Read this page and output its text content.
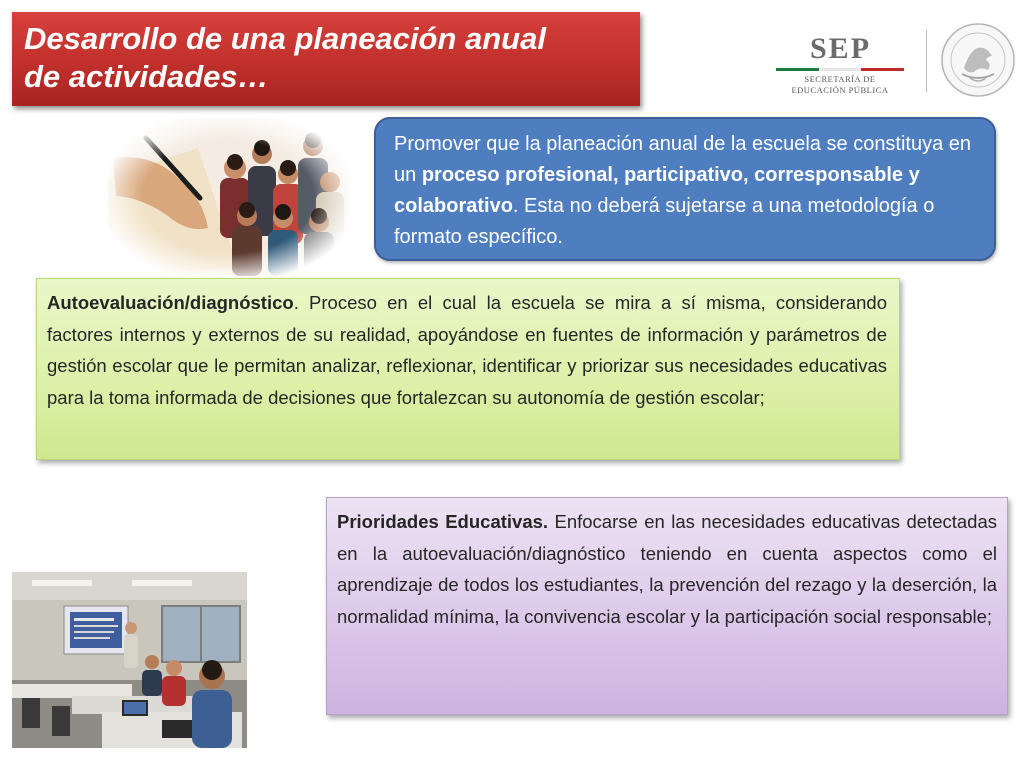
Desarrollo de una planeación anual
de actividades…
SEP
SECRETARÍA DE
EDUCACIÓN PÚBLICA

Promover que la planeación anual de la escuela se constituya en un proceso profesional, participativo, corresponsable y colaborativo. Esta no deberá sujetarse a una metodología o formato específico.

Autoevaluación/diagnóstico. Proceso en el cual la escuela se mira a sí misma, considerando factores internos y externos de su realidad, apoyándose en fuentes de información y parámetros de gestión escolar que le permitan analizar, reflexionar, identificar y priorizar sus necesidades educativas para la toma informada de decisiones que fortalezcan su autonomía de gestión escolar;

Prioridades Educativas. Enfocarse en las necesidades educativas detectadas en la autoevaluación/diagnóstico teniendo en cuenta aspectos como el aprendizaje de todos los estudiantes, la prevención del rezago y la deserción, la normalidad mínima, la convivencia escolar y la participación social responsable;
